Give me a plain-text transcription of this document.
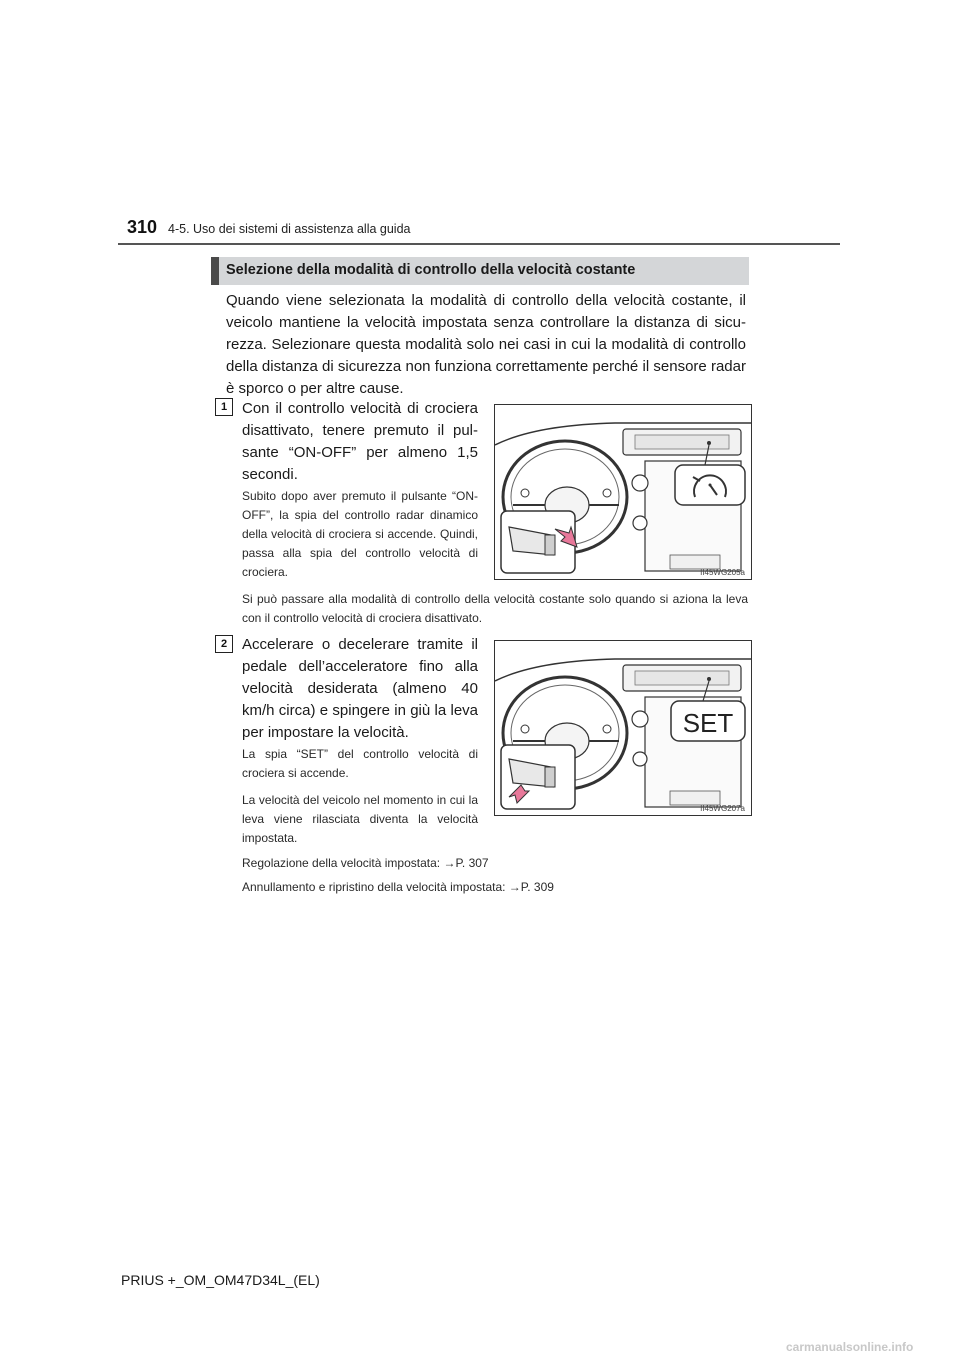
310 4-5. Uso dei sistemi di assistenza alla guida
Selezione della modalità di controllo della velocità costante

Quando viene selezionata la modalità di controllo della velocità costante, il veicolo mantiene la velocità impostata senza controllare la distanza di sicu-rezza. Selezionare questa modalità solo nei casi in cui la modalità di controllo della distanza di sicurezza non funziona correttamente perché il sensore radar è sporco o per altre cause.

1 Con il controllo velocità di crociera disattivato, tenere premuto il pul-sante “ON-OFF” per almeno 1,5 secondi.

Subito dopo aver premuto il pulsante “ON-OFF”, la spia del controllo radar dinamico della velocità di crociera si accende. Quindi, passa alla spia del controllo velocità di crociera.

Si può passare alla modalità di controllo della velocità costante solo quando si aziona la leva con il controllo velocità di crociera disattivato.

II45WG205a
2 Accelerare o decelerare tramite il pedale dell’acceleratore fino alla velocità desiderata (almeno 40 km/h circa) e spingere in giù la leva per impostare la velocità.

La spia “SET” del controllo velocità di crociera si accende.

La velocità del veicolo nel momento in cui la leva viene rilasciata diventa la velocità impostata.

Regolazione della velocità impostata: →P. 307

Annullamento e ripristino della velocità impostata: →P. 309

SET
II45WG207a
PRIUS +_OM_OM47D34L_(EL)
carmanualsonline.info
